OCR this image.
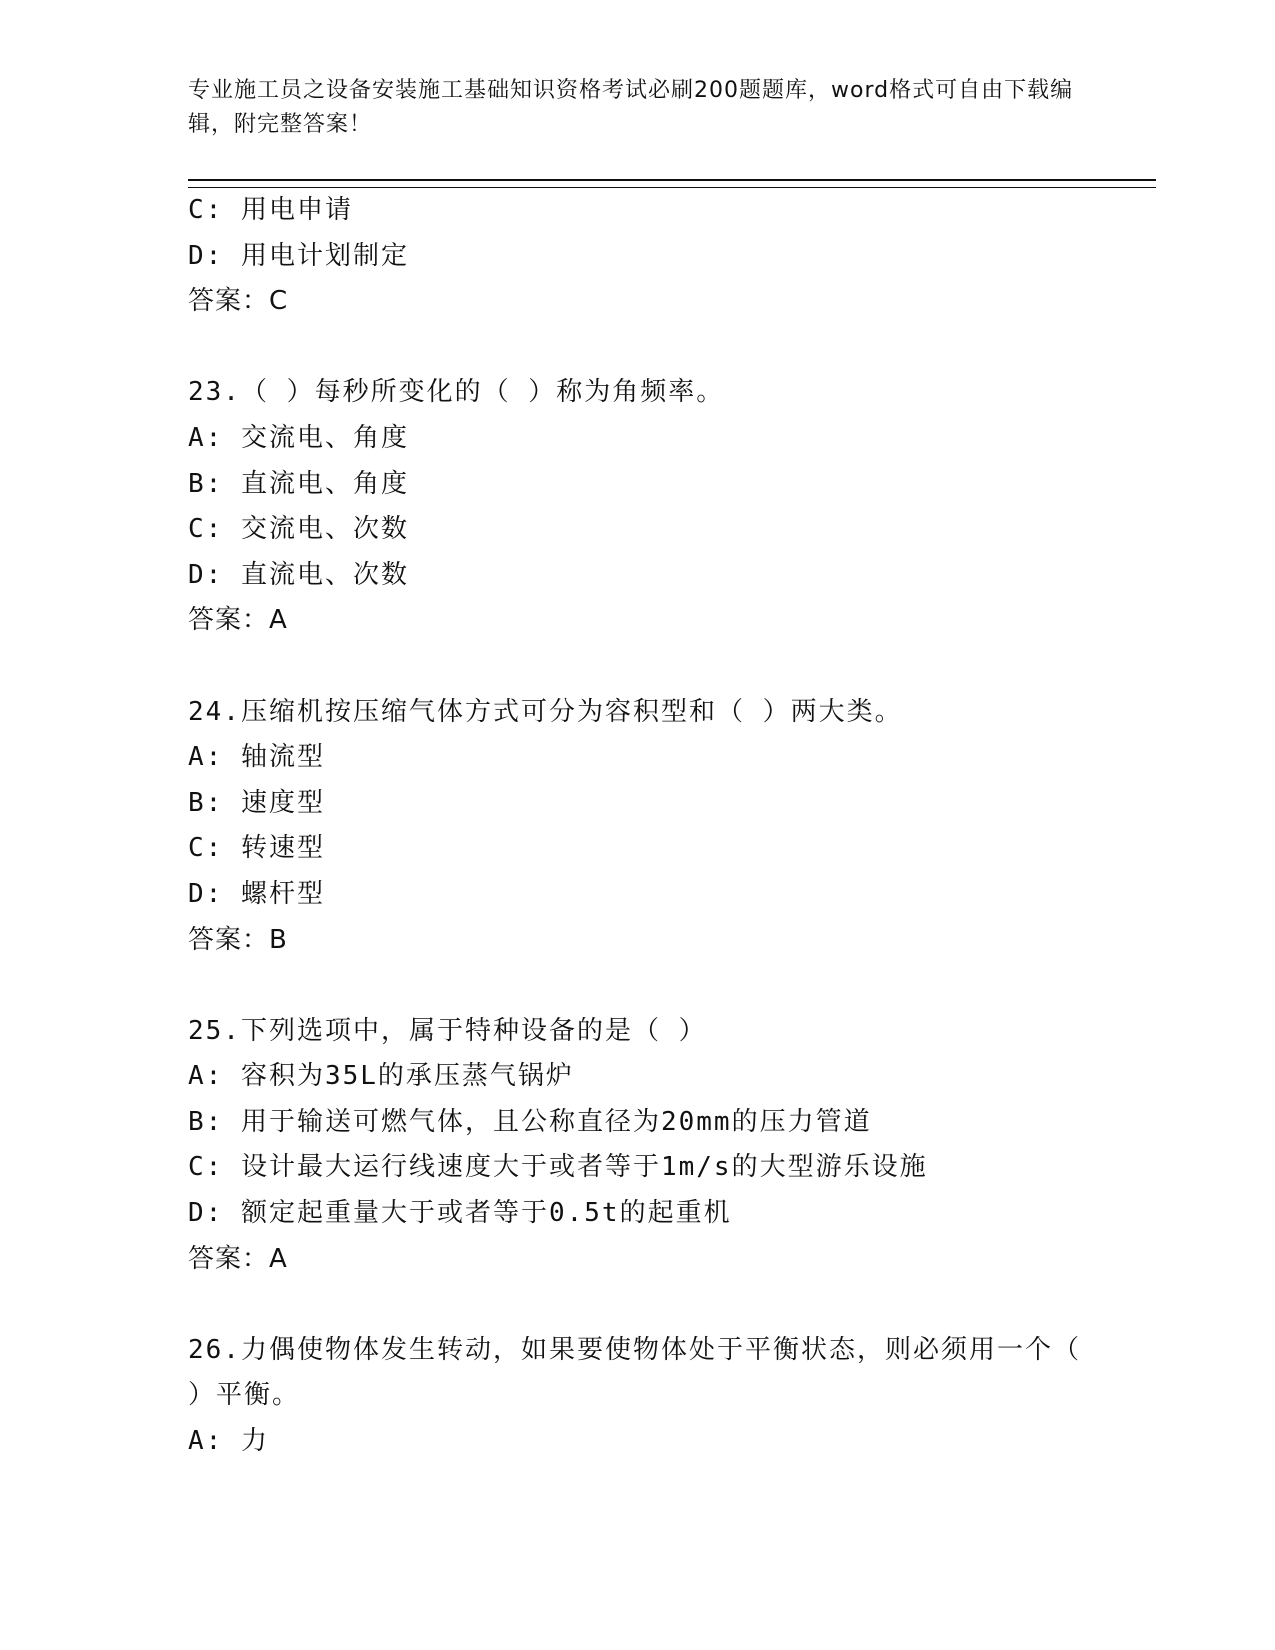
专业施工员之设备安装施工基础知识资格考试必刷200题题库，word格式可自由下载编辑，附完整答案！
C: 用电申请
D: 用电计划制定
答案：C
23.（ ）每秒所变化的（ ）称为角频率。
A: 交流电、角度
B: 直流电、角度
C: 交流电、次数
D: 直流电、次数
答案：A
24.压缩机按压缩气体方式可分为容积型和（ ）两大类。
A: 轴流型
B: 速度型
C: 转速型
D: 螺杆型
答案：B
25.下列选项中，属于特种设备的是（ ）
A: 容积为35L的承压蒸气锅炉
B: 用于输送可燃气体，且公称直径为20mm的压力管道
C: 设计最大运行线速度大于或者等于1m/s的大型游乐设施
D: 额定起重量大于或者等于0.5t的起重机
答案：A
26.力偶使物体发生转动，如果要使物体处于平衡状态，则必须用一个（ ）平衡。
A: 力
